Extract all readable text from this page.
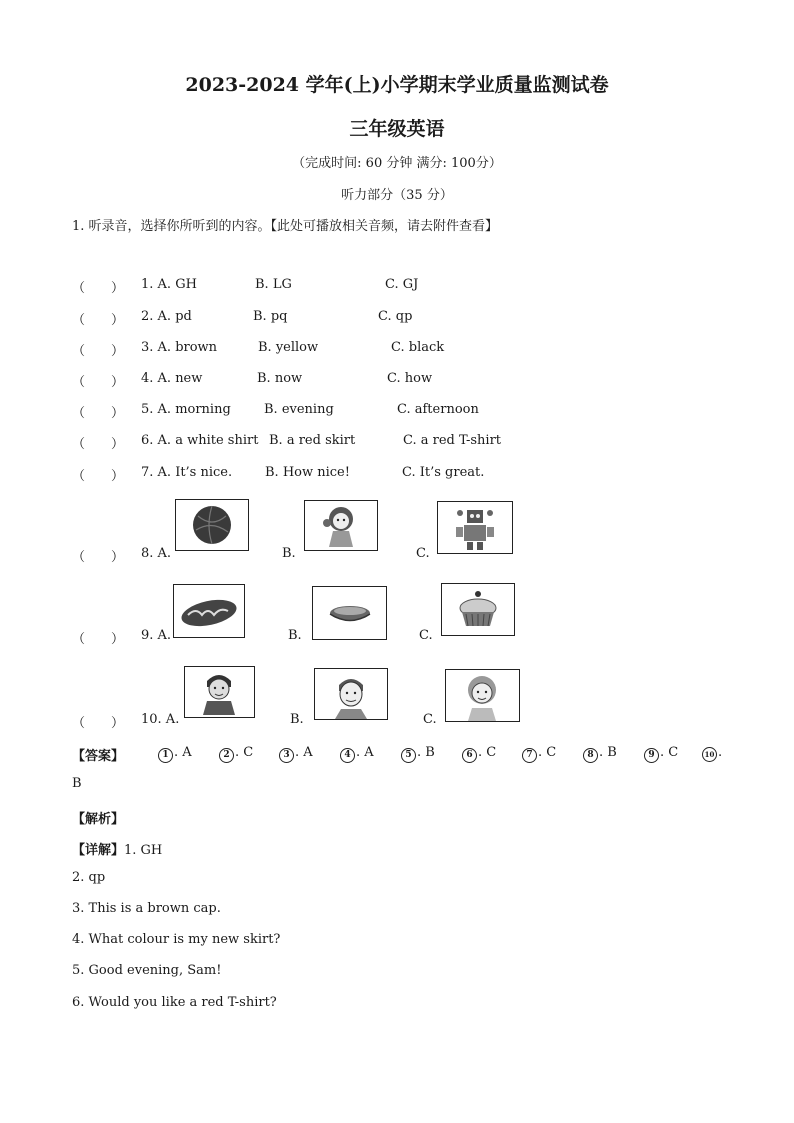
2023-2024 学年(上)小学期末学业质量监测试卷
三年级英语
（完成时间: 60 分钟 满分: 100分）
听力部分（35 分）
1. 听录音，选择你所听到的内容。【此处可播放相关音频，请去附件查看】
（　　） 1. A. GH	B. LG	C. GJ
（　　） 2. A. pd	B. pq	C. qp
（　　） 3. A. brown	B. yellow	C. black
（　　） 4. A. new	B. now	C. how
（　　） 5. A. morning	B. evening	C. afternoon
（　　） 6. A. a white shirt B. a red skirt	C. a red T-shirt
（　　） 7. A. It’s nice.	B. How nice!	C. It’s great.
（　　） 8. A.	B.	C.
（　　） 9. A.	B.	C.
（　　） 10. A.	B.	C.
【答案】	1 . A	2 . C	3 . A	4 . A	5 . B	6 . C	7 . C	8 . B	9 . C	10 .
B
【解析】
【详解】1. GH
2. qp
3. This is a brown cap.
4. What colour is my new skirt?
5. Good evening, Sam!
6. Would you like a red T-shirt?
